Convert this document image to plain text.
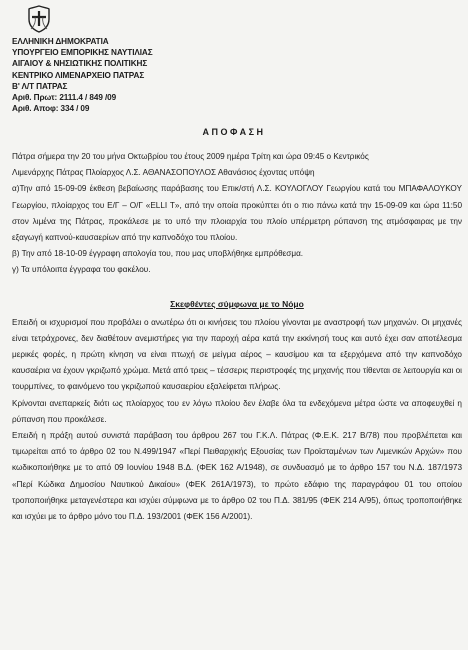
ΕΛΛΗΝΙΚΗ ΔΗΜΟΚΡΑΤΙΑ
ΥΠΟΥΡΓΕΙΟ ΕΜΠΟΡΙΚΗΣ ΝΑΥΤΙΛΙΑΣ
ΑΙΓΑΙΟΥ & ΝΗΣΙΩΤΙΚΗΣ ΠΟΛΙΤΙΚΗΣ
ΚΕΝΤΡΙΚΟ ΛΙΜΕΝΑΡΧΕΙΟ ΠΑΤΡΑΣ
Β' Λ/Τ ΠΑΤΡΑΣ
Αριθ. Πρωτ: 2111.4 / 849 /09
Αριθ. Αποφ: 334 / 09
ΑΠΟΦΑΣΗ
Πάτρα σήμερα την 20 του μήνα Οκτωβρίου του έτους 2009 ημέρα Τρίτη και ώρα 09:45 ο Κεντρικός
Λιμενάρχης Πάτρας Πλοίαρχος Λ.Σ. ΑΘΑΝΑΣΟΠΟΥΛΟΣ Αθανάσιος έχοντας υπόψη
α)Την από 15-09-09 έκθεση βεβαίωσης παράβασης του Επικ/στή Λ.Σ. ΚΟΥΛΟΓΛΟΥ Γεωργίου κατά του ΜΠΑΦΑΛΟΥΚΟΥ Γεωργίου, πλοίαρχος του Ε/Γ – Ο/Γ «ELLI T», από την οποία προκύπτει ότι ο πιο πάνω κατά την 15-09-09 και ώρα 11:50 στον λιμένα της Πάτρας, προκάλεσε με το υπό την πλοιαρχία του πλοίο υπέρμετρη ρύπανση της ατμόσφαιρας με την εξαγωγή καπνού-καυσαερίων από την καπνοδόχο του πλοίου.
β) Την από 18-10-09 έγγραφη απολογία του, που μας υποβλήθηκε εμπρόθεσμα.
γ) Τα υπόλοιπα έγγραφα του φακέλου.
Σκεφθέντες σύμφωνα με το Νόμο
Επειδή οι ισχυρισμοί που προβάλει ο ανωτέρω ότι οι κινήσεις του πλοίου γίνονται με αναστροφή των μηχανών. Οι μηχανές είναι τετράχρονες, δεν διαθέτουν ανεμιστήρες για την παροχή αέρα κατά την εκκίνησή τους και αυτό έχει σαν αποτέλεσμα μερικές φορές, η πρώτη κίνηση να είναι πτωχή σε μείγμα αέρος – καυσίμου και τα εξερχόμενα από την καπνοδόχο καυσαέρια να έχουν γκριζωπό χρώμα. Μετά από τρεις – τέσσερις περιστροφές της μηχανής που τίθενται σε λειτουργία και οι τουρμπίνες, το φαινόμενο του γκριζωπού καυσαερίου εξαλείφεται πλήρως.
Κρίνονται ανεπαρκείς διότι ως πλοίαρχος του εν λόγω πλοίου δεν έλαβε όλα τα ενδεχόμενα μέτρα ώστε να αποφευχθεί η ρύπανση που προκάλεσε.
Επειδή η πράξη αυτού συνιστά παράβαση του άρθρου 267 του Γ.Κ.Λ. Πάτρας (Φ.Ε.Κ. 217 Β/78) που προβλέπεται και τιμωρείται από το άρθρο 02 του Ν.499/1947 «Περί Πειθαρχικής Εξουσίας των Προϊσταμένων των Λιμενικών Αρχών» που κωδικοποιήθηκε με το από 09 Ιουνίου 1948 Β.Δ. (ΦΕΚ 162 Α/1948), σε συνδυασμό με το άρθρο 157 του Ν.Δ. 187/1973 «Περί Κώδικα Δημοσίου Ναυτικού Δικαίου» (ΦΕΚ 261Α/1973), το πρώτο εδάφιο της παραγράφου 01 του οποίου τροποποιήθηκε μεταγενέστερα και ισχύει σύμφωνα με το άρθρο 02 του Π.Δ. 381/95 (ΦΕΚ 214 Α/95), όπως τροποποιήθηκε και ισχύει με το άρθρο μόνο του Π.Δ. 193/2001 (ΦΕΚ 156 Α/2001).
